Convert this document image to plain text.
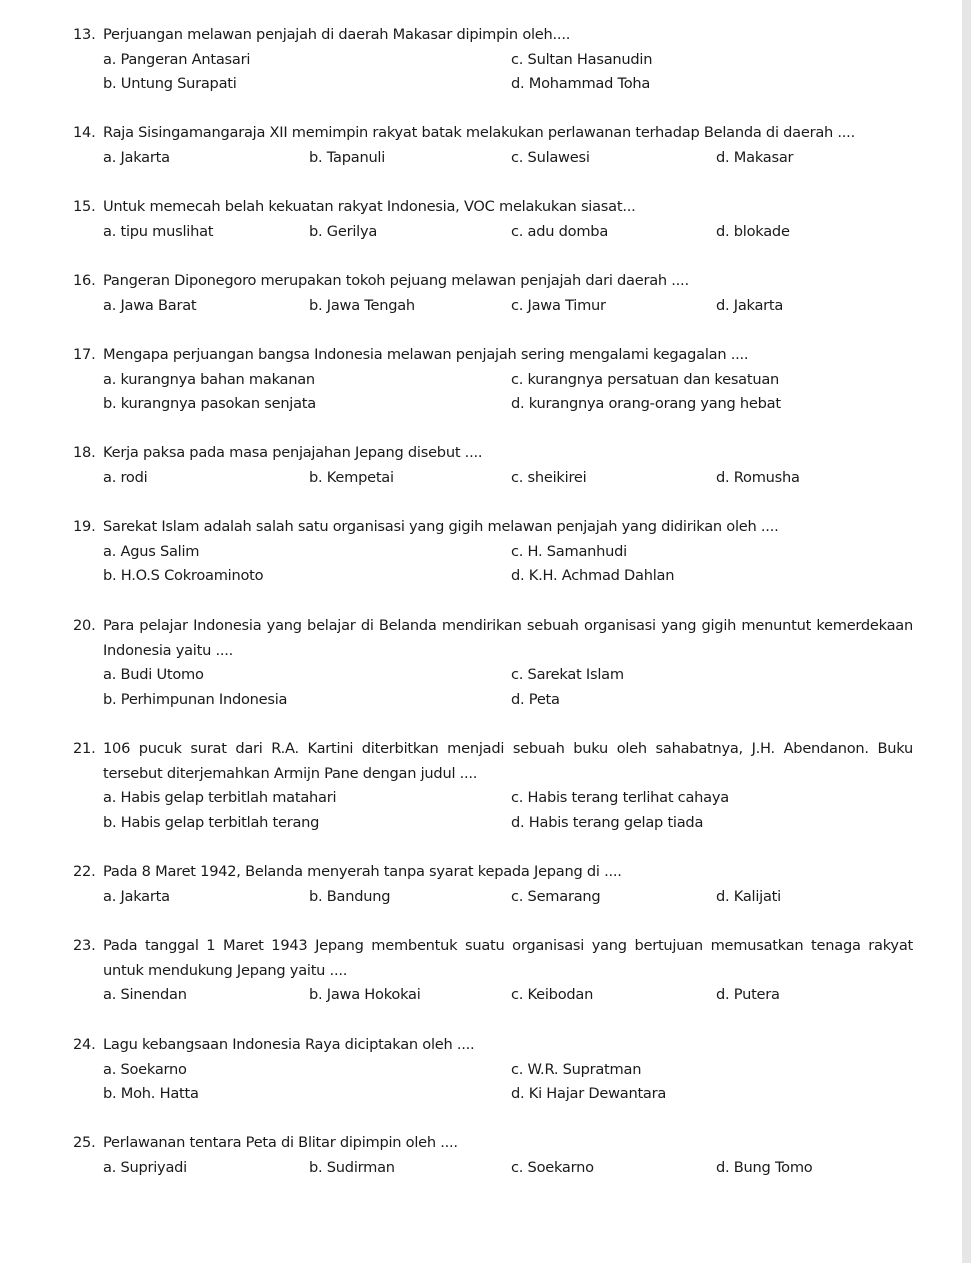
13. Perjuangan melawan penjajah di daerah Makasar dipimpin oleh....
a. Pangeran Antasari	c. Sultan Hasanudin
b. Untung Surapati	d. Mohammad Toha
14. Raja Sisingamangaraja XII memimpin rakyat batak melakukan perlawanan terhadap Belanda di daerah ....
a. Jakarta	b. Tapanuli	c. Sulawesi	d. Makasar
15. Untuk memecah belah kekuatan rakyat Indonesia, VOC melakukan siasat...
a. tipu muslihat	b. Gerilya	c. adu domba	d. blokade
16. Pangeran Diponegoro merupakan tokoh pejuang melawan penjajah dari daerah ....
a. Jawa Barat	b. Jawa Tengah	c. Jawa Timur	d. Jakarta
17. Mengapa perjuangan bangsa Indonesia melawan penjajah sering mengalami kegagalan ....
a. kurangnya bahan makanan	c. kurangnya persatuan dan kesatuan
b. kurangnya pasokan senjata	d. kurangnya orang-orang yang hebat
18. Kerja paksa pada masa penjajahan Jepang disebut ....
a. rodi	b. Kempetai	c. sheikirei	d. Romusha
19. Sarekat Islam adalah salah satu organisasi yang gigih melawan penjajah yang didirikan oleh ....
a. Agus Salim	c. H. Samanhudi
b. H.O.S Cokroaminoto	d. K.H. Achmad Dahlan
20. Para pelajar Indonesia yang belajar di Belanda mendirikan sebuah organisasi yang gigih menuntut kemerdekaan
Indonesia yaitu ....
a. Budi Utomo	c. Sarekat Islam
b. Perhimpunan Indonesia	d. Peta
21. 106 pucuk surat dari R.A. Kartini diterbitkan menjadi sebuah buku oleh sahabatnya, J.H. Abendanon. Buku
tersebut diterjemahkan Armijn Pane dengan judul ....
a. Habis gelap terbitlah matahari	c. Habis terang terlihat cahaya
b. Habis gelap terbitlah terang	d. Habis terang gelap tiada
22. Pada 8 Maret 1942, Belanda menyerah tanpa syarat kepada Jepang di ....
a. Jakarta	b. Bandung	c. Semarang	d. Kalijati
23. Pada tanggal 1 Maret 1943 Jepang membentuk suatu organisasi yang bertujuan memusatkan tenaga rakyat
untuk mendukung Jepang yaitu ....
a. Sinendan	b. Jawa Hokokai	c. Keibodan	d. Putera
24. Lagu kebangsaan Indonesia Raya diciptakan oleh ....
a. Soekarno	c. W.R. Supratman
b. Moh. Hatta	d. Ki Hajar Dewantara
25. Perlawanan tentara Peta di Blitar dipimpin oleh ....
a. Supriyadi	b. Sudirman	c. Soekarno	d. Bung Tomo
